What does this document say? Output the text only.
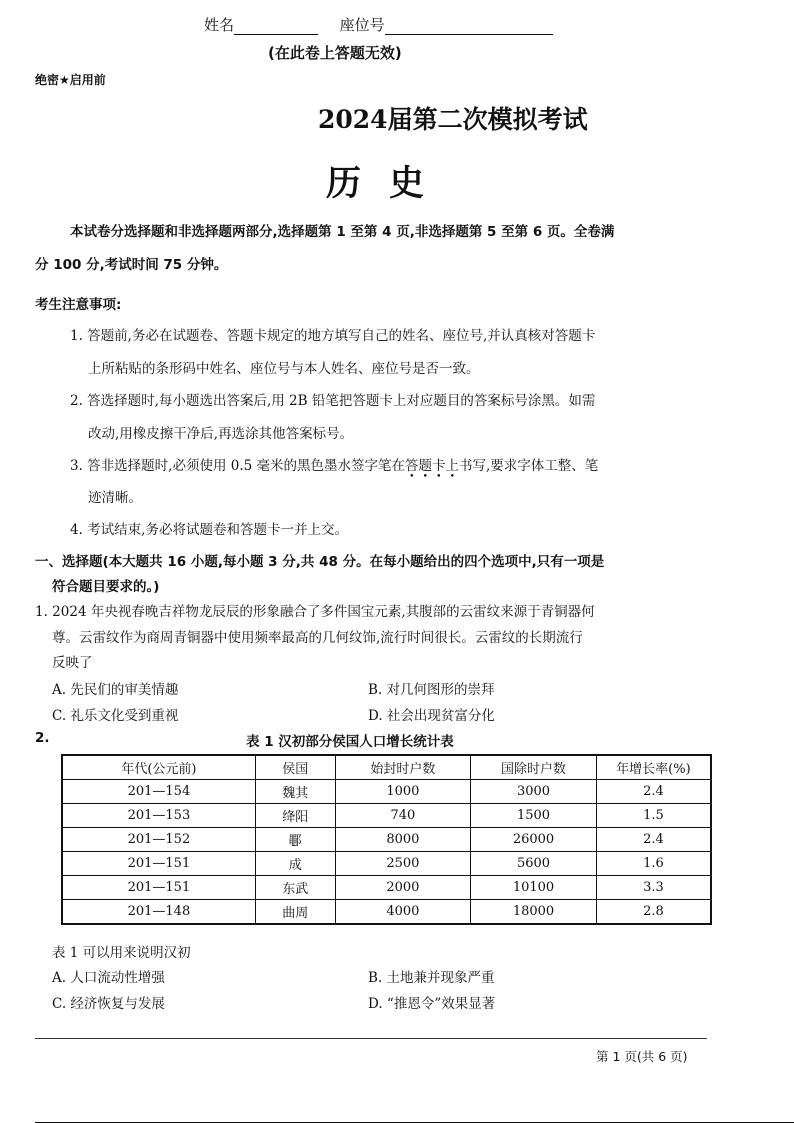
姓名	座位号
(在此卷上答题无效)
绝密★启用前
2024届第二次模拟考试
历史
本试卷分选择题和非选择题两部分,选择题第 1 至第 4 页,非选择题第 5 至第 6 页。全卷满
分 100 分,考试时间 75 分钟。
考生注意事项:
1. 答题前,务必在试题卷、答题卡规定的地方填写自己的姓名、座位号,并认真核对答题卡
上所粘贴的条形码中姓名、座位号与本人姓名、座位号是否一致。
2. 答选择题时,每小题选出答案后,用 2B 铅笔把答题卡上对应题目的答案标号涂黑。如需
改动,用橡皮擦干净后,再选涂其他答案标号。
3. 答非选择题时,必须使用 0.5 毫米的黑色墨水签字笔在答题卡上书写,要求字体工整、笔
迹清晰。
4. 考试结束,务必将试题卷和答题卡一并上交。
一、选择题(本大题共 16 小题,每小题 3 分,共 48 分。在每小题给出的四个选项中,只有一项是
符合题目要求的。)
1. 2024 年央视春晚吉祥物龙辰辰的形象融合了多件国宝元素,其腹部的云雷纹来源于青铜器何
尊。云雷纹作为商周青铜器中使用频率最高的几何纹饰,流行时间很长。云雷纹的长期流行
反映了
A. 先民们的审美情趣	B. 对几何图形的崇拜
C. 礼乐文化受到重视	D. 社会出现贫富分化
2.	表 1 汉初部分侯国人口增长统计表
年代(公元前)	侯国	始封时户数	国除时户数	年增长率(%)
201—154	魏其	1000	3000	2.4
201—153	绛阳	740	1500	1.5
201—152	鄳	8000	26000	2.4
201—151	成	2500	5600	1.6
201—151	东武	2000	10100	3.3
201—148	曲周	4000	18000	2.8
表 1 可以用来说明汉初
A. 人口流动性增强	B. 土地兼并现象严重
C. 经济恢复与发展	D. “推恩令”效果显著
第 1 页(共 6 页)
